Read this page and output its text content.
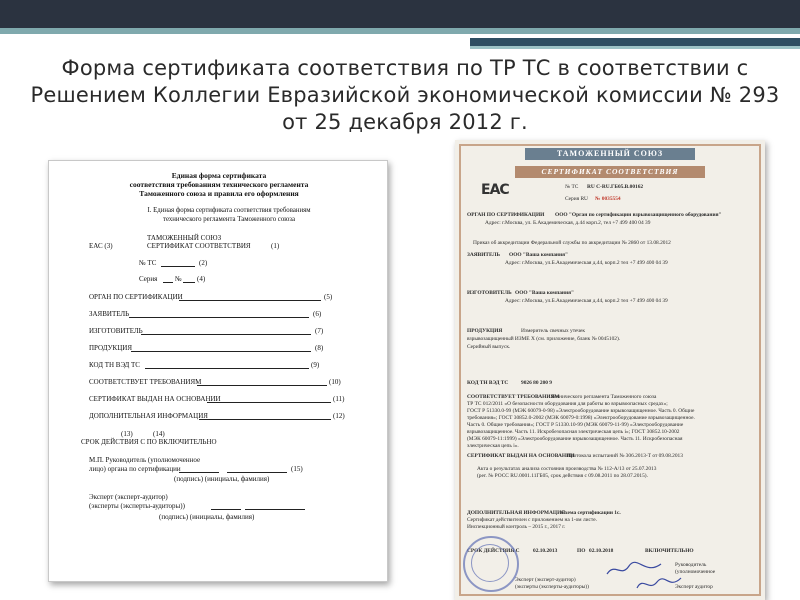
Форма сертификата соответствия по ТР ТС в соответствии с
Решением Коллегии Евразийской экономической комиссии № 293
от 25 декабря 2012 г.
Единая форма сертификата
соответствия требованиям технического регламента
Таможенного союза и правила его оформления
I. Единая форма сертификата соответствия требованиям
технического регламента Таможенного союза
ТАМОЖЕННЫЙ СОЮЗ
ЕАС (3)	СЕРТИФИКАТ СООТВЕТСТВИЯ	(1)
№ ТС	(2)
Серия	№ (4)
ОРГАН ПО СЕРТИФИКАЦИИ	(5)
ЗАЯВИТЕЛЬ	(6)
ИЗГОТОВИТЕЛЬ	(7)
ПРОДУКЦИЯ	(8)
КОД ТН ВЭД ТС	(9)
СООТВЕТСТВУЕТ ТРЕБОВАНИЯМ	(10)
СЕРТИФИКАТ ВЫДАН НА ОСНОВАНИИ	(11)
ДОПОЛНИТЕЛЬНАЯ ИНФОРМАЦИЯ	(12)
(13)	(14)
СРОК ДЕЙСТВИЯ С ПО ВКЛЮЧИТЕЛЬНО
М.П. Руководитель (уполномоченное
лицо) органа по сертификации	(15)
(подпись) (инициалы, фамилия)
Эксперт (эксперт-аудитор)
(эксперты (эксперты-аудиторы))
(подпись) (инициалы, фамилия)
ТАМОЖЕННЫЙ СОЮЗ
СЕРТИФИКАТ СООТВЕТСТВИЯ
ЕАС	№ ТС RU C-RU.ГБ05.В.00162
Серия RU № 0035554
ОРГАН ПО СЕРТИФИКАЦИИ ООО "Орган по сертификации взрывозащищенного оборудования"
Адрес: г.Москва, ул. Б.Академическая, д.44 корп.2, тел +7 499 400 04 39
Приказ об аккредитации Федеральной службы по аккредитации № 2860 от 13.08.2012
ЗАЯВИТЕЛЬ ООО "Ваша компания"
Адрес: г.Москва, ул.Б.Академическая д.44, корп.2 тел +7 499 400 04 39
ИЗГОТОВИТЕЛЬ ООО "Ваша компания"
Адрес: г.Москва, ул.Б.Академическая д.44, корп.2 тел +7 499 400 04 39
ПРОДУКЦИЯ	Измеритель свечных утечек
взрывозащищенный ИЗМЕ Х (см. приложение, бланк № 0045102).
Серийный выпуск.
КОД ТН ВЭД ТС 9026 80 200 9
СООТВЕТСТВУЕТ ТРЕБОВАНИЯМ
Технического регламента Таможенного союза
ТР ТС 012/2011 «О безопасности оборудования для работы во взрывоопасных средах»;
ГОСТ Р 51330.0-99 (МЭК 60079-0-98) «Электрооборудование взрывозащищенное. Часть 0. Общие
требования»; ГОСТ 30852.0-2002 (МЭК 60079-0:1998) «Электрооборудование взрывозащищенное.
Часть 0. Общие требования»; ГОСТ Р 51330.10-99 (МЭК 60079-11-99) «Электрооборудование
взрывозащищенное. Часть 11. Искробезопасная электрическая цепь i»; ГОСТ 30852.10-2002
(МЭК 60079-11:1999) «Электрооборудование взрывозащищенное. Часть 11. Искробезопасная
электрическая цепь i».
СЕРТИФИКАТ ВЫДАН НА ОСНОВАНИИ
Протокола испытаний № 306.2013-Т от 09.08.2013
Акта о результатах анализа состояния производства № 112-А/13 от 25.07.2013
(рег. № РОСС RU.0001.11ГБ05, срок действия с 09.08.2011 по 28.07.2015).
ДОПОЛНИТЕЛЬНАЯ ИНФОРМАЦИЯ
Схема сертификации 1с.
Сертификат действителен с приложением на 1-ом листе.
Инспекционный контроль – 2015 г., 2017 г.
СРОК ДЕЙСТВИЯ С 02.10.2013	ПО 02.10.2018	ВКЛЮЧИТЕЛЬНО
Руководитель
(уполномоченное
Эксперт (эксперт-аудитор)
(эксперты (эксперты-аудиторы))	Эксперт аудитор
